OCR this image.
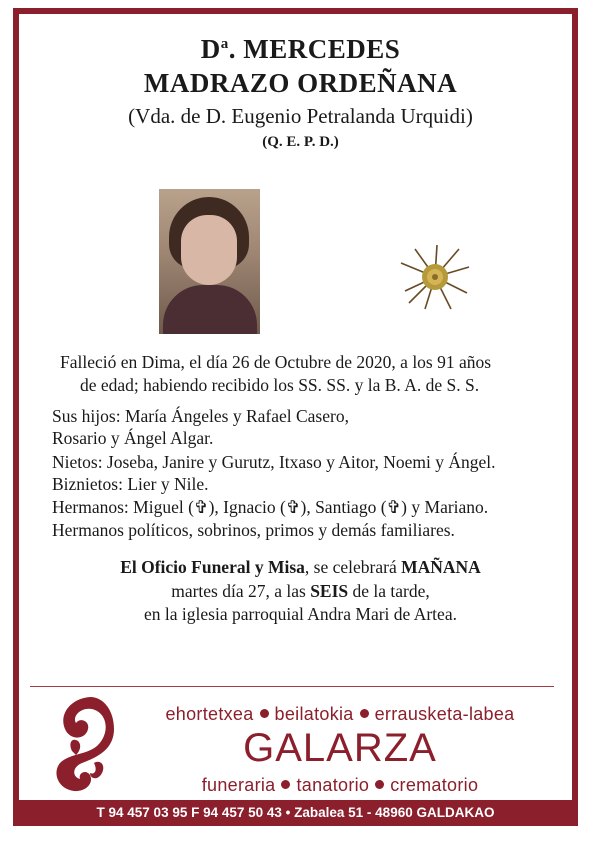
$D^a$. MERCEDES
MADRAZO ORDEÑANA
(Vda. de D. Eugenio Petralanda Urquidi)
(Q. E. P. D.)
Falleció en Dima, el día 26 de Octubre de 2020, a los 91 años
de edad; habiendo recibido los SS. SS. y la B. A. de S. S.
Sus hijos: María Ángeles y Rafael Casero,
Rosario y Ángel Algar.
Nietos: Joseba, Janire y Gurutz, Itxaso y Aitor, Noemi y Ángel.
Biznietos: Lier y Nile.
Hermanos: Miguel (✞), Ignacio (✞), Santiago (✞) y Mariano.
Hermanos políticos, sobrinos, primos y demás familiares.
El Oficio Funeral y Misa, se celebrará MAÑANA
martes día 27, a las SEIS de la tarde,
en la iglesia parroquial Andra Mari de Artea.
ehortetxea beilatokia errausketa-labea
GALARZA
funeraria tanatorio crematorio
T 94 457 03 95 F 94 457 50 43 • Zabalea 51 - 48960 GALDAKAO
